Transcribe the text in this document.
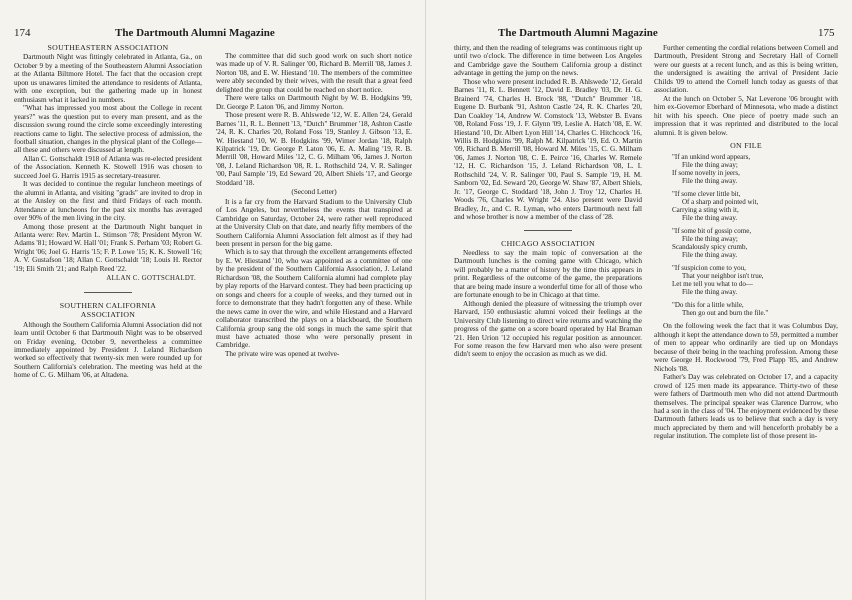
174	The Dartmouth Alumni Magazine
SOUTHEASTERN ASSOCIATION

Dartmouth Night was fittingly celebrated in Atlanta, Ga., on October 9 by a meeting of the Southeastern Alumni Association at the Atlanta Biltmore Hotel. The fact that the occasion crept upon us unawares limited the attendance to residents of Atlanta, with one exception, but the gathering made up in honest enthusiasm what it lacked in numbers.

"What has impressed you most about the College in recent years?" was the question put to every man present, and as the discussion swung round the circle some exceedingly interesting reactions came to light. The selective process of admission, the football situation, changes in the physical plant of the College—all these and others were discussed at length.

Allan C. Gottschaldt 1918 of Atlanta was re-elected president of the Association. Kenneth K. Stowell 1916 was chosen to succeed Joel G. Harris 1915 as secretary-treasurer.

It was decided to continue the regular luncheon meetings of the alumni in Atlanta, and visiting "grads" are invited to drop in at the Ansley on the first and third Fridays of each month. Attendance at luncheons for the past six months has averaged over 90% of the men living in the city.

Among those present at the Dartmouth Night banquet in Atlanta were: Rev. Martin L. Stimson '78; President Myron W. Adams '81; Howard W. Hall '01; Frank S. Perham '03; Robert G. Wright '06; Joel G. Harris '15; F. P. Lowe '15; K. K. Stowell '16; A. V. Gustafson '18; Allan C. Gottschaldt '18; Louis H. Rector '19; Eli Smith '21; and Ralph Reed '22.

ALLAN C. GOTTSCHALDT.
SOUTHERN CALIFORNIA
ASSOCIATION

Although the Southern California Alumni Association did not learn until October 6 that Dartmouth Night was to be observed on Friday evening, October 9, nevertheless a committee immediately appointed by President J. Leland Richardson worked so effectively that twenty-six men were rounded up for Southern California's celebration. The meeting was held at the home of C. G. Milham '06, at Altadena.

The committee that did such good work on such short notice was made up of V. R. Salinger '00, Richard B. Merrill '08, James J. Norton '08, and E. W. Hiestand '10. The members of the committee were ably seconded by their wives, with the result that a great feed delighted the group that could be reached on short notice.

There were talks on Dartmouth Night by W. B. Hodgkins '99, Dr. George P. Laton '06, and Jimmy Norton.

Those present were R. B. Ahlswede '12, W. E. Allen '24, Gerald Barnes '11, R. L. Bennett '13, "Dutch" Brummer '18, Ashton Castle '24, R. K. Charles '20, Roland Foss '19, Stanley J. Gibson '13, E. W. Hiestand '10, W. B. Hodgkins '99, Wimer Jordan '18, Ralph Kilpatrick '19, Dr. George P. Laton '06, E. A. Maling '19, R. B. Merrill '08, Howard Miles '12, C. G. Milham '06, James J. Norton '08, J. Leland Richardson '08, R. L. Rothschild '24, V. R. Salinger '00, Paul Sample '19, Ed Seward '20, Albert Shiels '17, and George Stoddard '18.

(Second Letter)

It is a far cry from the Harvard Stadium to the University Club of Los Angeles, but nevertheless the events that transpired at Cambridge on Saturday, October 24, were rather well reproduced at the University Club on that date, and nearly fifty members of the Southern California Alumni Association felt almost as if they had been present in person for the big game.

Which is to say that through the excellent arrangements effected by E. W. Hiestand '10, who was appointed as a committee of one by the president of the Southern California Association, J. Leland Richardson '08, the Southern California alumni had complete play by play reports of the Harvard contest. They had been practicing up on songs and cheers for a couple of weeks, and they turned out in force to demonstrate that they hadn't forgotten any of these. While the news came in over the wire, and while Hiestand and a Harvard collaborator transcribed the plays on a blackboard, the Southern California group sang the old songs in much the same spirit that must have actuated those who were personally present in Cambridge.

The private wire was opened at twelve-

The Dartmouth Alumni Magazine	175

thirty, and then the reading of telegrams was continuous right up until two o'clock. The difference in time between Los Angeles and Cambridge gave the Southern California group a distinct advantage in getting the jump on the news.

Those who were present included R. B. Ahlswede '12, Gerald Barnes '11, R. L. Bennett '12, David E. Bradley '03, Dr. H. G. Brainerd '74, Charles H. Brock '88, "Dutch" Brummer '18, Eugene D. Burbank '91, Ashton Castle '24, R. K. Charles '20, Dan Coakley '14, Andrew W. Comstock '13, Webster B. Evans '08, Roland Foss '19, J. F. Glynn '09, Leslie A. Hatch '08, E. W. Hiestand '10, Dr. Albert Lyon Hill '14, Charles C. Hitchcock '16, Willis B. Hodgkins '99, Ralph M. Kilpatrick '19, Ed. O. Martin '09, Richard B. Merrill '08, Howard M. Miles '15, C. G. Milham '06, James J. Norton '08, C. E. Peirce '16, Charles W. Remele '12, H. C. Richardson '15, J. Leland Richardson '08, L. I. Rothschild '24, V. R. Salinger '00, Paul S. Sample '19, H. M. Sanborn '02, Ed. Seward '20, George W. Shaw '87, Albert Shiels, Jr. '17, George C. Stoddard '18, John J. Troy '12, Charles H. Woods '76, Charles W. Wright '24. Also present were David Bradley, Jr., and C. R. Lyman, who enters Dartmouth next fall and whose brother is now a member of the class of '28.

CHICAGO ASSOCIATION

Needless to say the main topic of conversation at the Dartmouth lunches is the coming game with Chicago, which will probably be a matter of history by the time this appears in print. Regardless of the outcome of the game, the preparations that are being made insure a wonderful time for all of those who are fortunate enough to be in Chicago at that time.

Although denied the pleasure of witnessing the triumph over Harvard, 150 enthusiastic alumni voiced their feelings at the University Club listening to direct wire returns and watching the progress of the game on a score board operated by Hal Braman '21. Hen Urion '12 occupied his regular position as announcer. For some reason the few Harvard men who also were present didn't seem to enjoy the occasion as much as we did.

Further cementing the cordial relations between Cornell and Dartmouth, President Strong and Secretary Hall of Cornell were our guests at a recent lunch, and as this is being written, the undersigned is awaiting the arrival of President Jacie Childs '09 to attend the Cornell lunch today as guests of that association.

At the lunch on October 5, Nat Leverone '06 brought with him ex-Governor Eberhard of Minnesota, who made a distinct hit with his speech. One piece of poetry made such an impression that it was reprinted and distributed to the local alumni. It is given below.

ON FILE
"If an unkind word appears,
File the thing away;
If some novelty in jeers,
File the thing away.
"If some clever little bit,
Of a sharp and pointed wit,
Carrying a sting with it,
File the thing away.
"If some bit of gossip come,
File the thing away;
Scandalously spicy crumb,
File the thing away.
"If suspicion come to you,
That your neighbor isn't true,
Let me tell you what to do—
File the thing away.
"Do this for a little while,
Then go out and burn the file."

On the following week the fact that it was Columbus Day, although it kept the attendance down to 59, permitted a number of men to appear who ordinarily are tied up on Mondays because of their being in the teaching profession. Among these were George H. Rockwood '79, Fred Plapp '85, and Andrew Nichols '08.

Father's Day was celebrated on October 17, and a capacity crowd of 125 men made its appearance. Thirty-two of these were fathers of Dartmouth men who did not attend Dartmouth themselves. The principal speaker was Clarence Darrow, who had a son in the class of '04. The enjoyment evidenced by these Dartmouth fathers leads us to believe that such a day is very much appreciated by them and will henceforth probably be a regular institution. The complete list of those present in-
